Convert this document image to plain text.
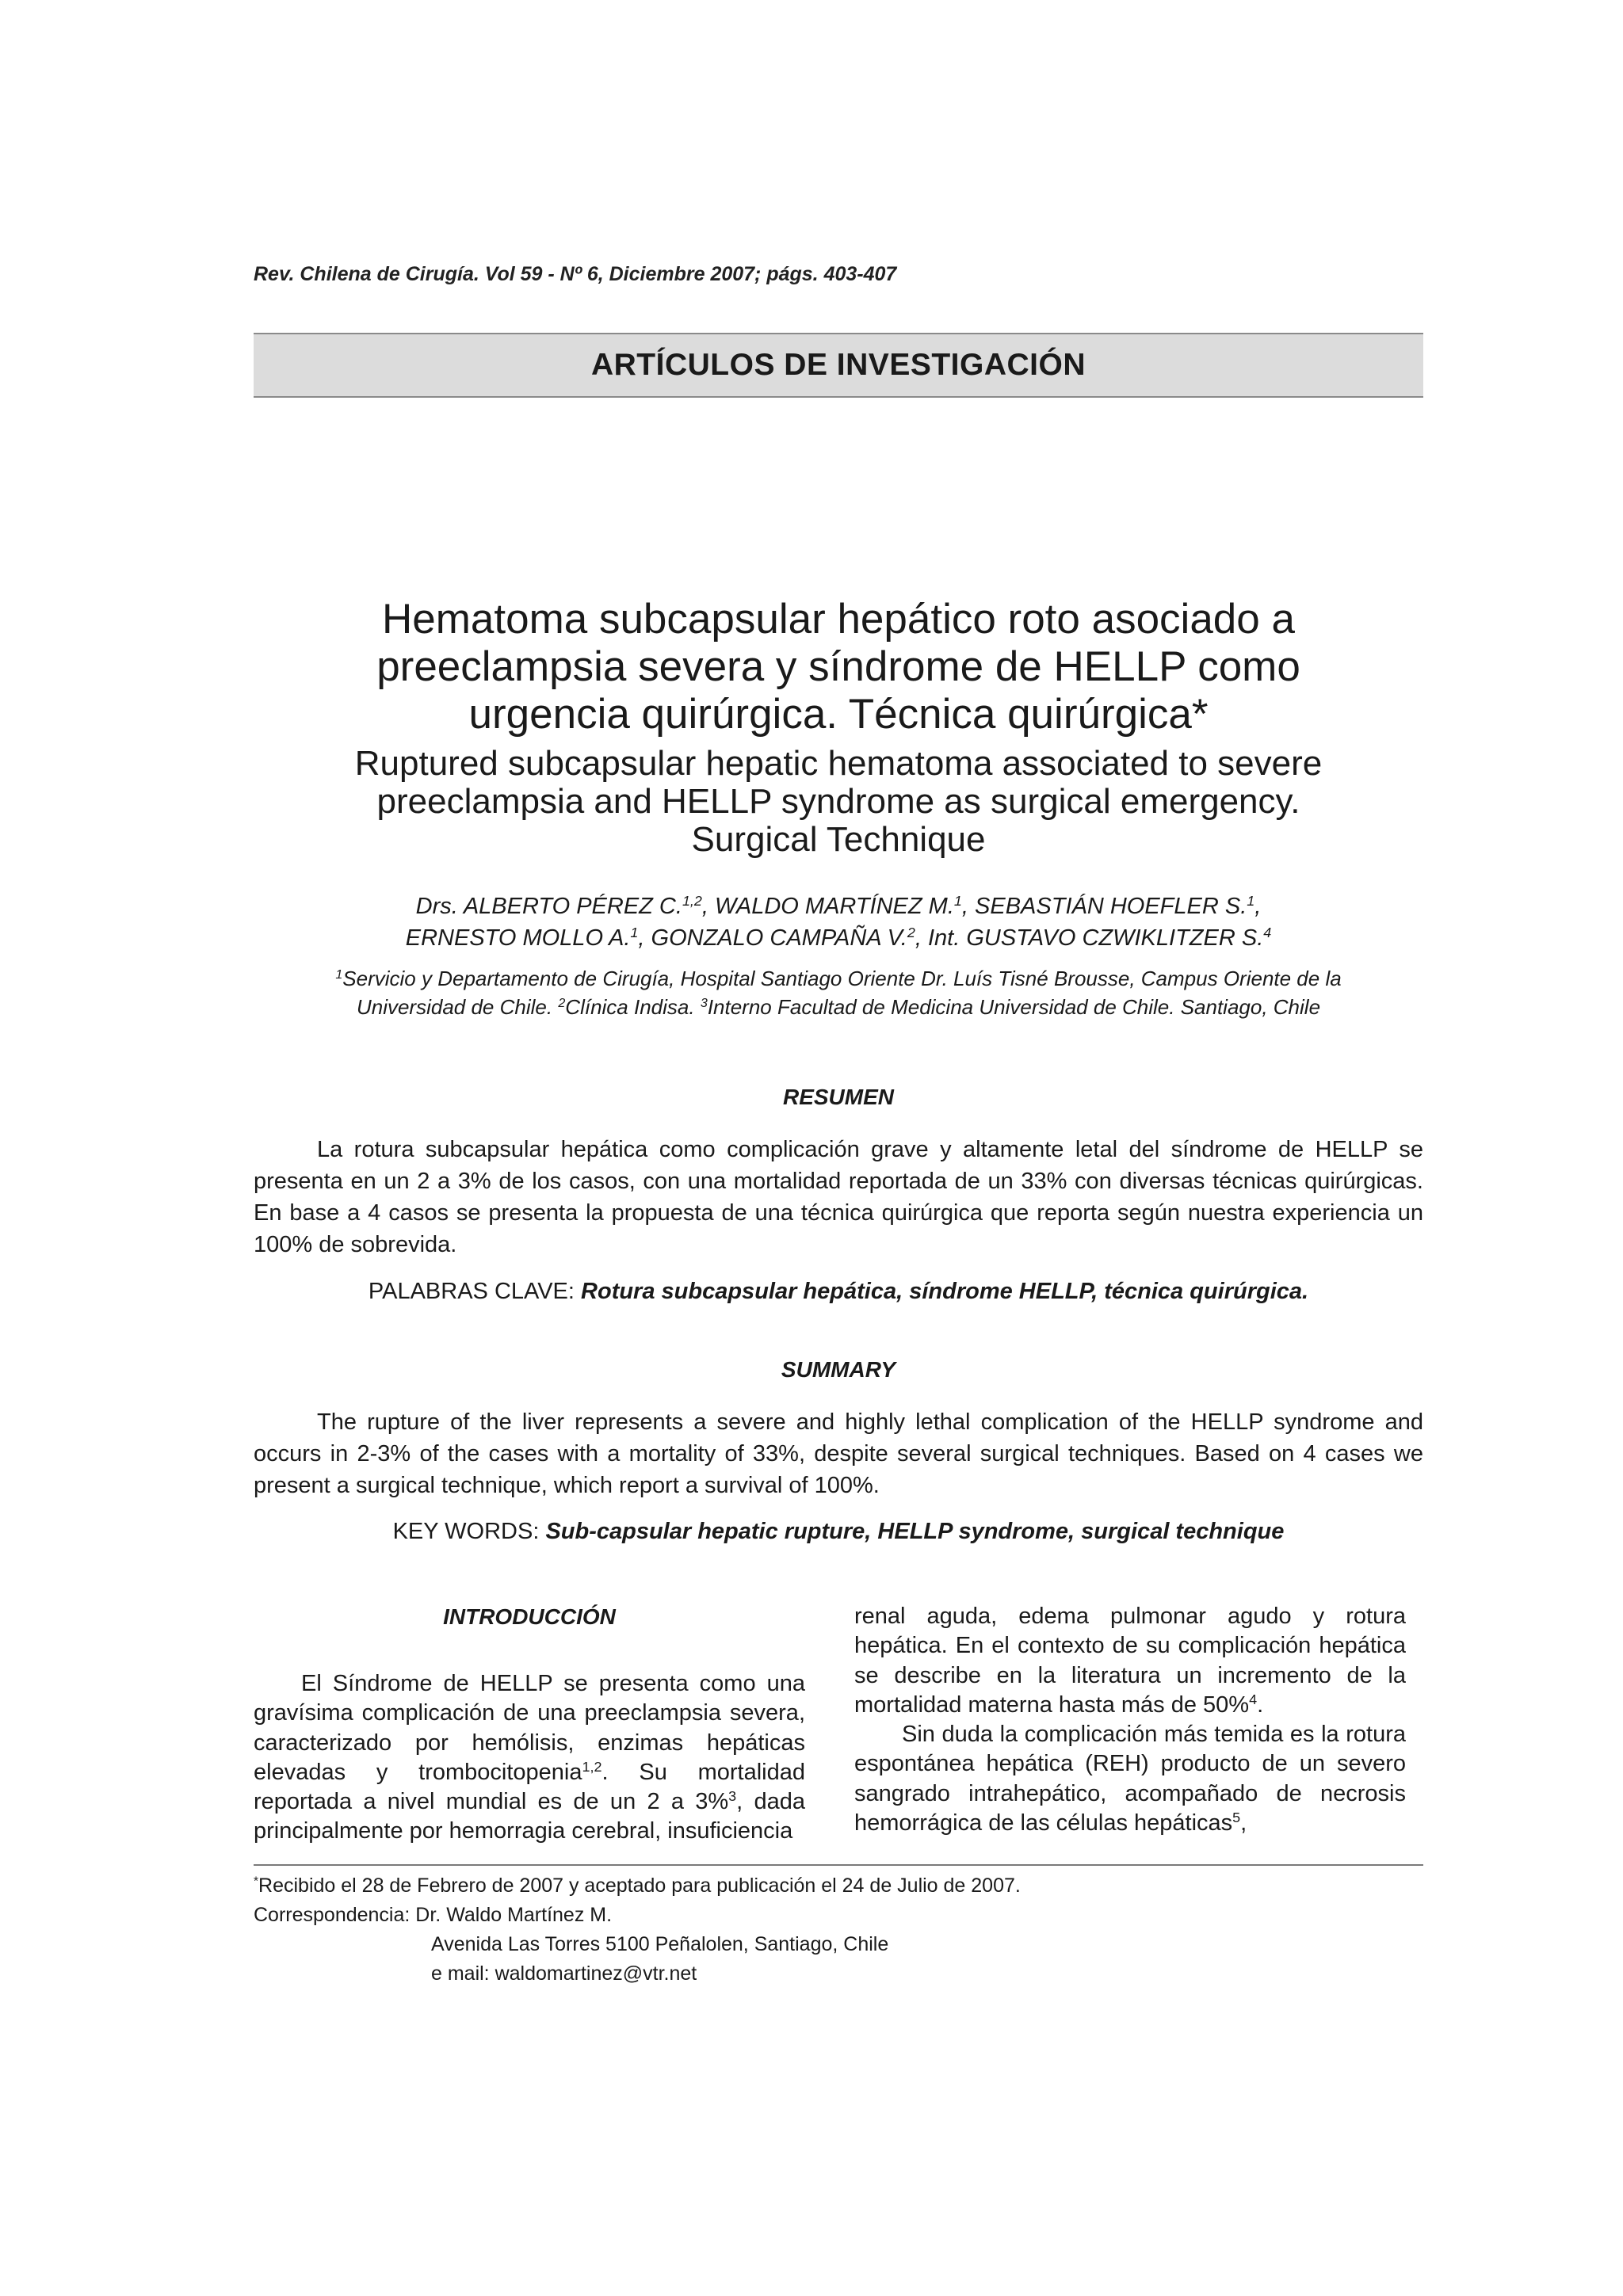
Rev. Chilena de Cirugía. Vol 59 - Nº 6, Diciembre 2007; págs. 403-407
ARTÍCULOS DE INVESTIGACIÓN
Hematoma subcapsular hepático roto asociado a
preeclampsia severa y síndrome de HELLP como
urgencia quirúrgica. Técnica quirúrgica*
Ruptured subcapsular hepatic hematoma associated to severe
preeclampsia and HELLP syndrome as surgical emergency.
Surgical Technique
Drs. ALBERTO PÉREZ C.$^{1,2}$, WALDO MARTÍNEZ M.$^1$, SEBASTIÁN HOEFLER S.$^1$,
ERNESTO MOLLO A.$^1$, GONZALO CAMPAÑA V.$^2$, Int. GUSTAVO CZWIKLITZER S.$^4$
$^1$Servicio y Departamento de Cirugía, Hospital Santiago Oriente Dr. Luís Tisné Brousse, Campus Oriente de la
Universidad de Chile. $^2$Clínica Indisa. $^3$Interno Facultad de Medicina Universidad de Chile. Santiago, Chile
RESUMEN

La rotura subcapsular hepática como complicación grave y altamente letal del síndrome de HELLP se presenta en un 2 a 3% de los casos, con una mortalidad reportada de un 33% con diversas técnicas quirúrgicas. En base a 4 casos se presenta la propuesta de una técnica quirúrgica que reporta según nuestra experiencia un 100% de sobrevida.

PALABRAS CLAVE: Rotura subcapsular hepática, síndrome HELLP, técnica quirúrgica.
SUMMARY

The rupture of the liver represents a severe and highly lethal complication of the HELLP syndrome and occurs in 2-3% of the cases with a mortality of 33%, despite several surgical techniques. Based on 4 cases we present a surgical technique, which report a survival of 100%.

KEY WORDS: Sub-capsular hepatic rupture, HELLP syndrome, surgical technique
INTRODUCCIÓN

El Síndrome de HELLP se presenta como una gravísima complicación de una preeclampsia severa, caracterizado por hemólisis, enzimas hepáticas elevadas y trombocitopenia$^{1,2}$. Su mortalidad reportada a nivel mundial es de un 2 a 3%$^3$, dada principalmente por hemorragia cerebral, insuficiencia

renal aguda, edema pulmonar agudo y rotura hepática. En el contexto de su complicación hepática se describe en la literatura un incremento de la mortalidad materna hasta más de 50%$^4$.

Sin duda la complicación más temida es la rotura espontánea hepática (REH) producto de un severo sangrado intrahepático, acompañado de necrosis hemorrágica de las células hepáticas$^5$,

*Recibido el 28 de Febrero de 2007 y aceptado para publicación el 24 de Julio de 2007.
Correspondencia: Dr. Waldo Martínez M.
Avenida Las Torres 5100 Peñalolen, Santiago, Chile
e mail: waldomartinez@vtr.net
